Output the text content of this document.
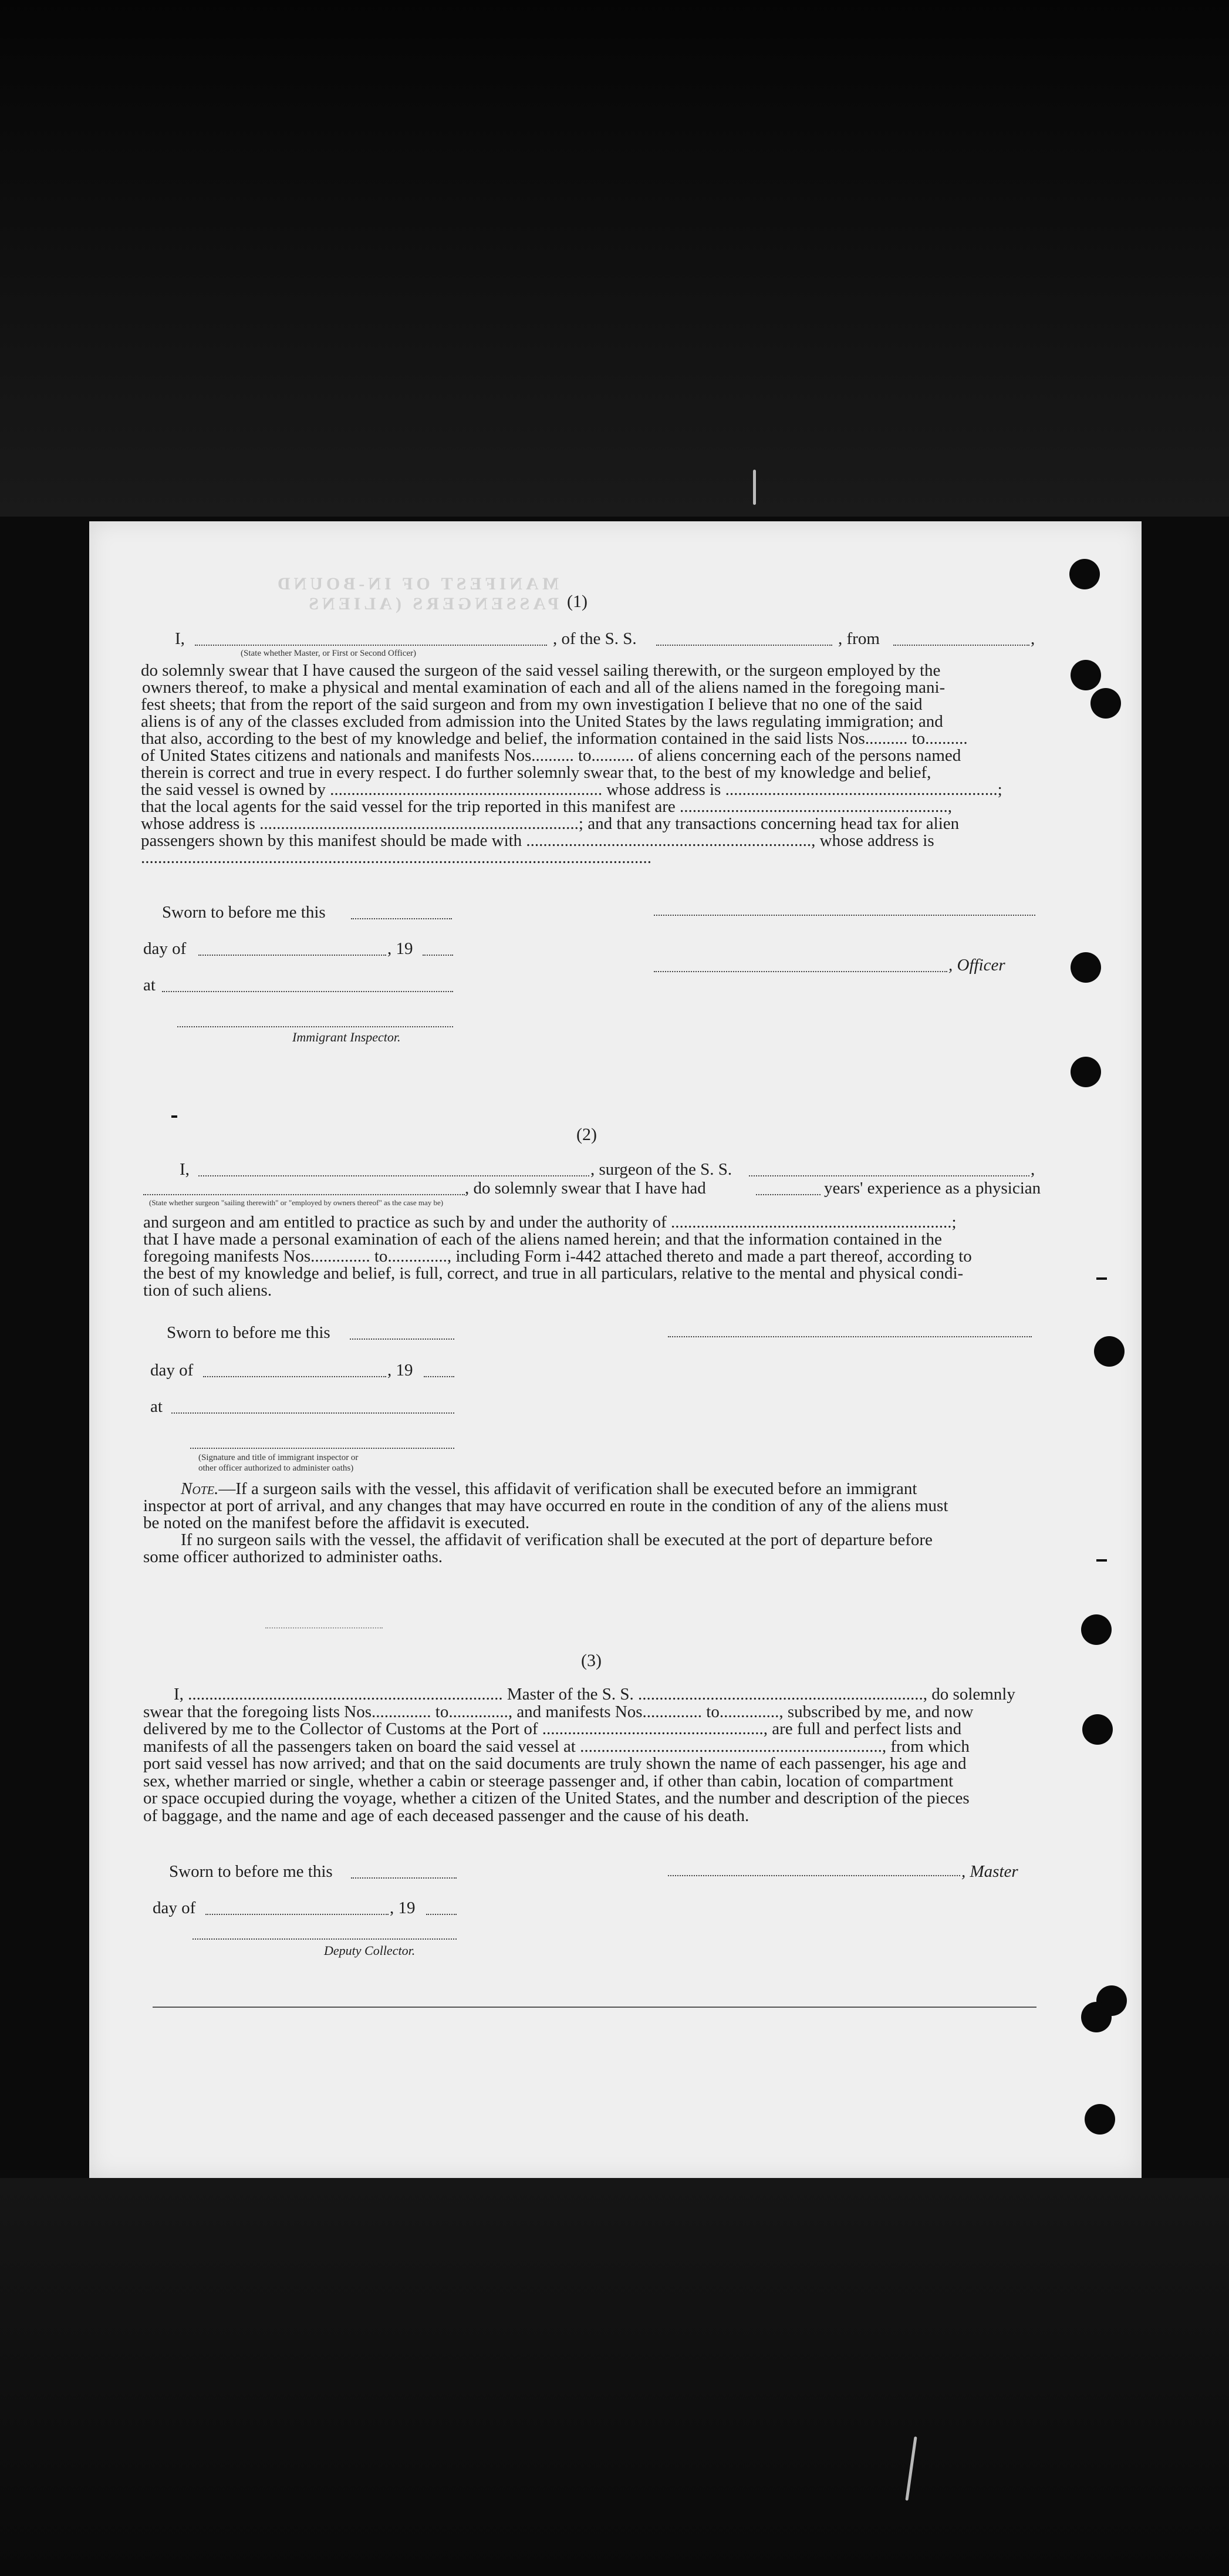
MANIFEST OF IN-BOUND PASSENGERS (ALIENS (1)
I,	, of the S. S.	, from	,
(State whether Master, or First or Second Officer)
do solemnly swear that I have caused the surgeon of the said vessel sailing therewith, or the surgeon employed by the
owners thereof, to make a physical and mental examination of each and all of the aliens named in the foregoing mani-
fest sheets; that from the report of the said surgeon and from my own investigation I believe that no one of the said
aliens is of any of the classes excluded from admission into the United States by the laws regulating immigration; and
that also, according to the best of my knowledge and belief, the information contained in the said lists Nos.......... to..........
of United States citizens and nationals and manifests Nos.......... to.......... of aliens concerning each of the persons named
therein is correct and true in every respect. I do further solemnly swear that, to the best of my knowledge and belief,
the said vessel is owned by ................................................................ whose address is ................................................................;
that the local agents for the said vessel for the trip reported in this manifest are ...............................................................,
whose address is ...........................................................................; and that any transactions concerning head tax for alien
passengers shown by this manifest should be made with ..................................................................., whose address is
........................................................................................................................
Sworn to before me this
day of	, 19
, Officer
at
Immigrant Inspector.
(2)
I,	, surgeon of the S. S.	,
, do solemnly swear that I have had	years' experience as a physician
(State whether surgeon "sailing therewith" or "employed by owners thereof" as the case may be)
and surgeon and am entitled to practice as such by and under the authority of ..................................................................;
that I have made a personal examination of each of the aliens named herein; and that the information contained in the
foregoing manifests Nos.............. to.............., including Form i-442 attached thereto and made a part thereof, according to
the best of my knowledge and belief, is full, correct, and true in all particulars, relative to the mental and physical condi-
tion of such aliens.
Sworn to before me this
day of	, 19
at
(Signature and title of immigrant inspector or
other officer authorized to administer oaths)
Note.—If a surgeon sails with the vessel, this affidavit of verification shall be executed before an immigrant
inspector at port of arrival, and any changes that may have occurred en route in the condition of any of the aliens must
be noted on the manifest before the affidavit is executed.
If no surgeon sails with the vessel, the affidavit of verification shall be executed at the port of departure before
some officer authorized to administer oaths.
(3)
I, .......................................................................... Master of the S. S. ..................................................................., do solemnly
swear that the foregoing lists Nos.............. to.............., and manifests Nos.............. to.............., subscribed by me, and now
delivered by me to the Collector of Customs at the Port of ...................................................., are full and perfect lists and
manifests of all the passengers taken on board the said vessel at ......................................................................., from which
port said vessel has now arrived; and that on the said documents are truly shown the name of each passenger, his age and
sex, whether married or single, whether a cabin or steerage passenger and, if other than cabin, location of compartment
or space occupied during the voyage, whether a citizen of the United States, and the number and description of the pieces
of baggage, and the name and age of each deceased passenger and the cause of his death.
Sworn to before me this	, Master
day of	, 19
Deputy Collector.
